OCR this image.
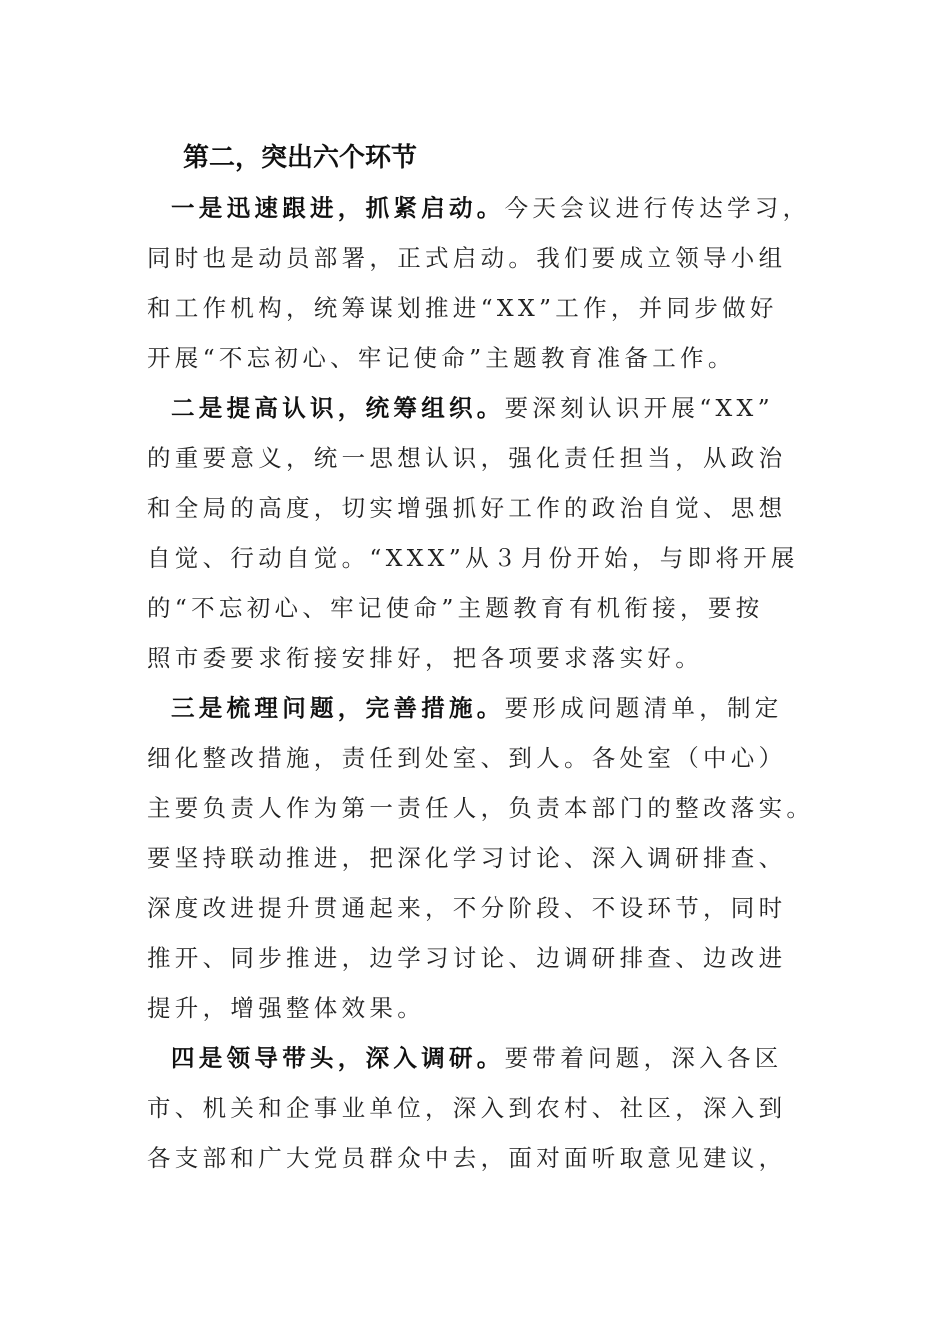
第二，突出六个环节
一是迅速跟进，抓紧启动。今天会议进行传达学习，
同时也是动员部署，正式启动。我们要成立领导小组
和工作机构，统筹谋划推进“XX”工作，并同步做好
开展“不忘初心、牢记使命”主题教育准备工作。
二是提高认识，统筹组织。要深刻认识开展“XX”
的重要意义，统一思想认识，强化责任担当，从政治
和全局的高度，切实增强抓好工作的政治自觉、思想
自觉、行动自觉。“XXX”从３月份开始，与即将开展
的“不忘初心、牢记使命”主题教育有机衔接，要按
照市委要求衔接安排好，把各项要求落实好。
三是梳理问题，完善措施。要形成问题清单，制定
细化整改措施，责任到处室、到人。各处室（中心）
主要负责人作为第一责任人，负责本部门的整改落实。
要坚持联动推进，把深化学习讨论、深入调研排查、
深度改进提升贯通起来，不分阶段、不设环节，同时
推开、同步推进，边学习讨论、边调研排查、边改进
提升，增强整体效果。
四是领导带头，深入调研。要带着问题，深入各区
市、机关和企事业单位，深入到农村、社区，深入到
各支部和广大党员群众中去，面对面听取意见建议，
